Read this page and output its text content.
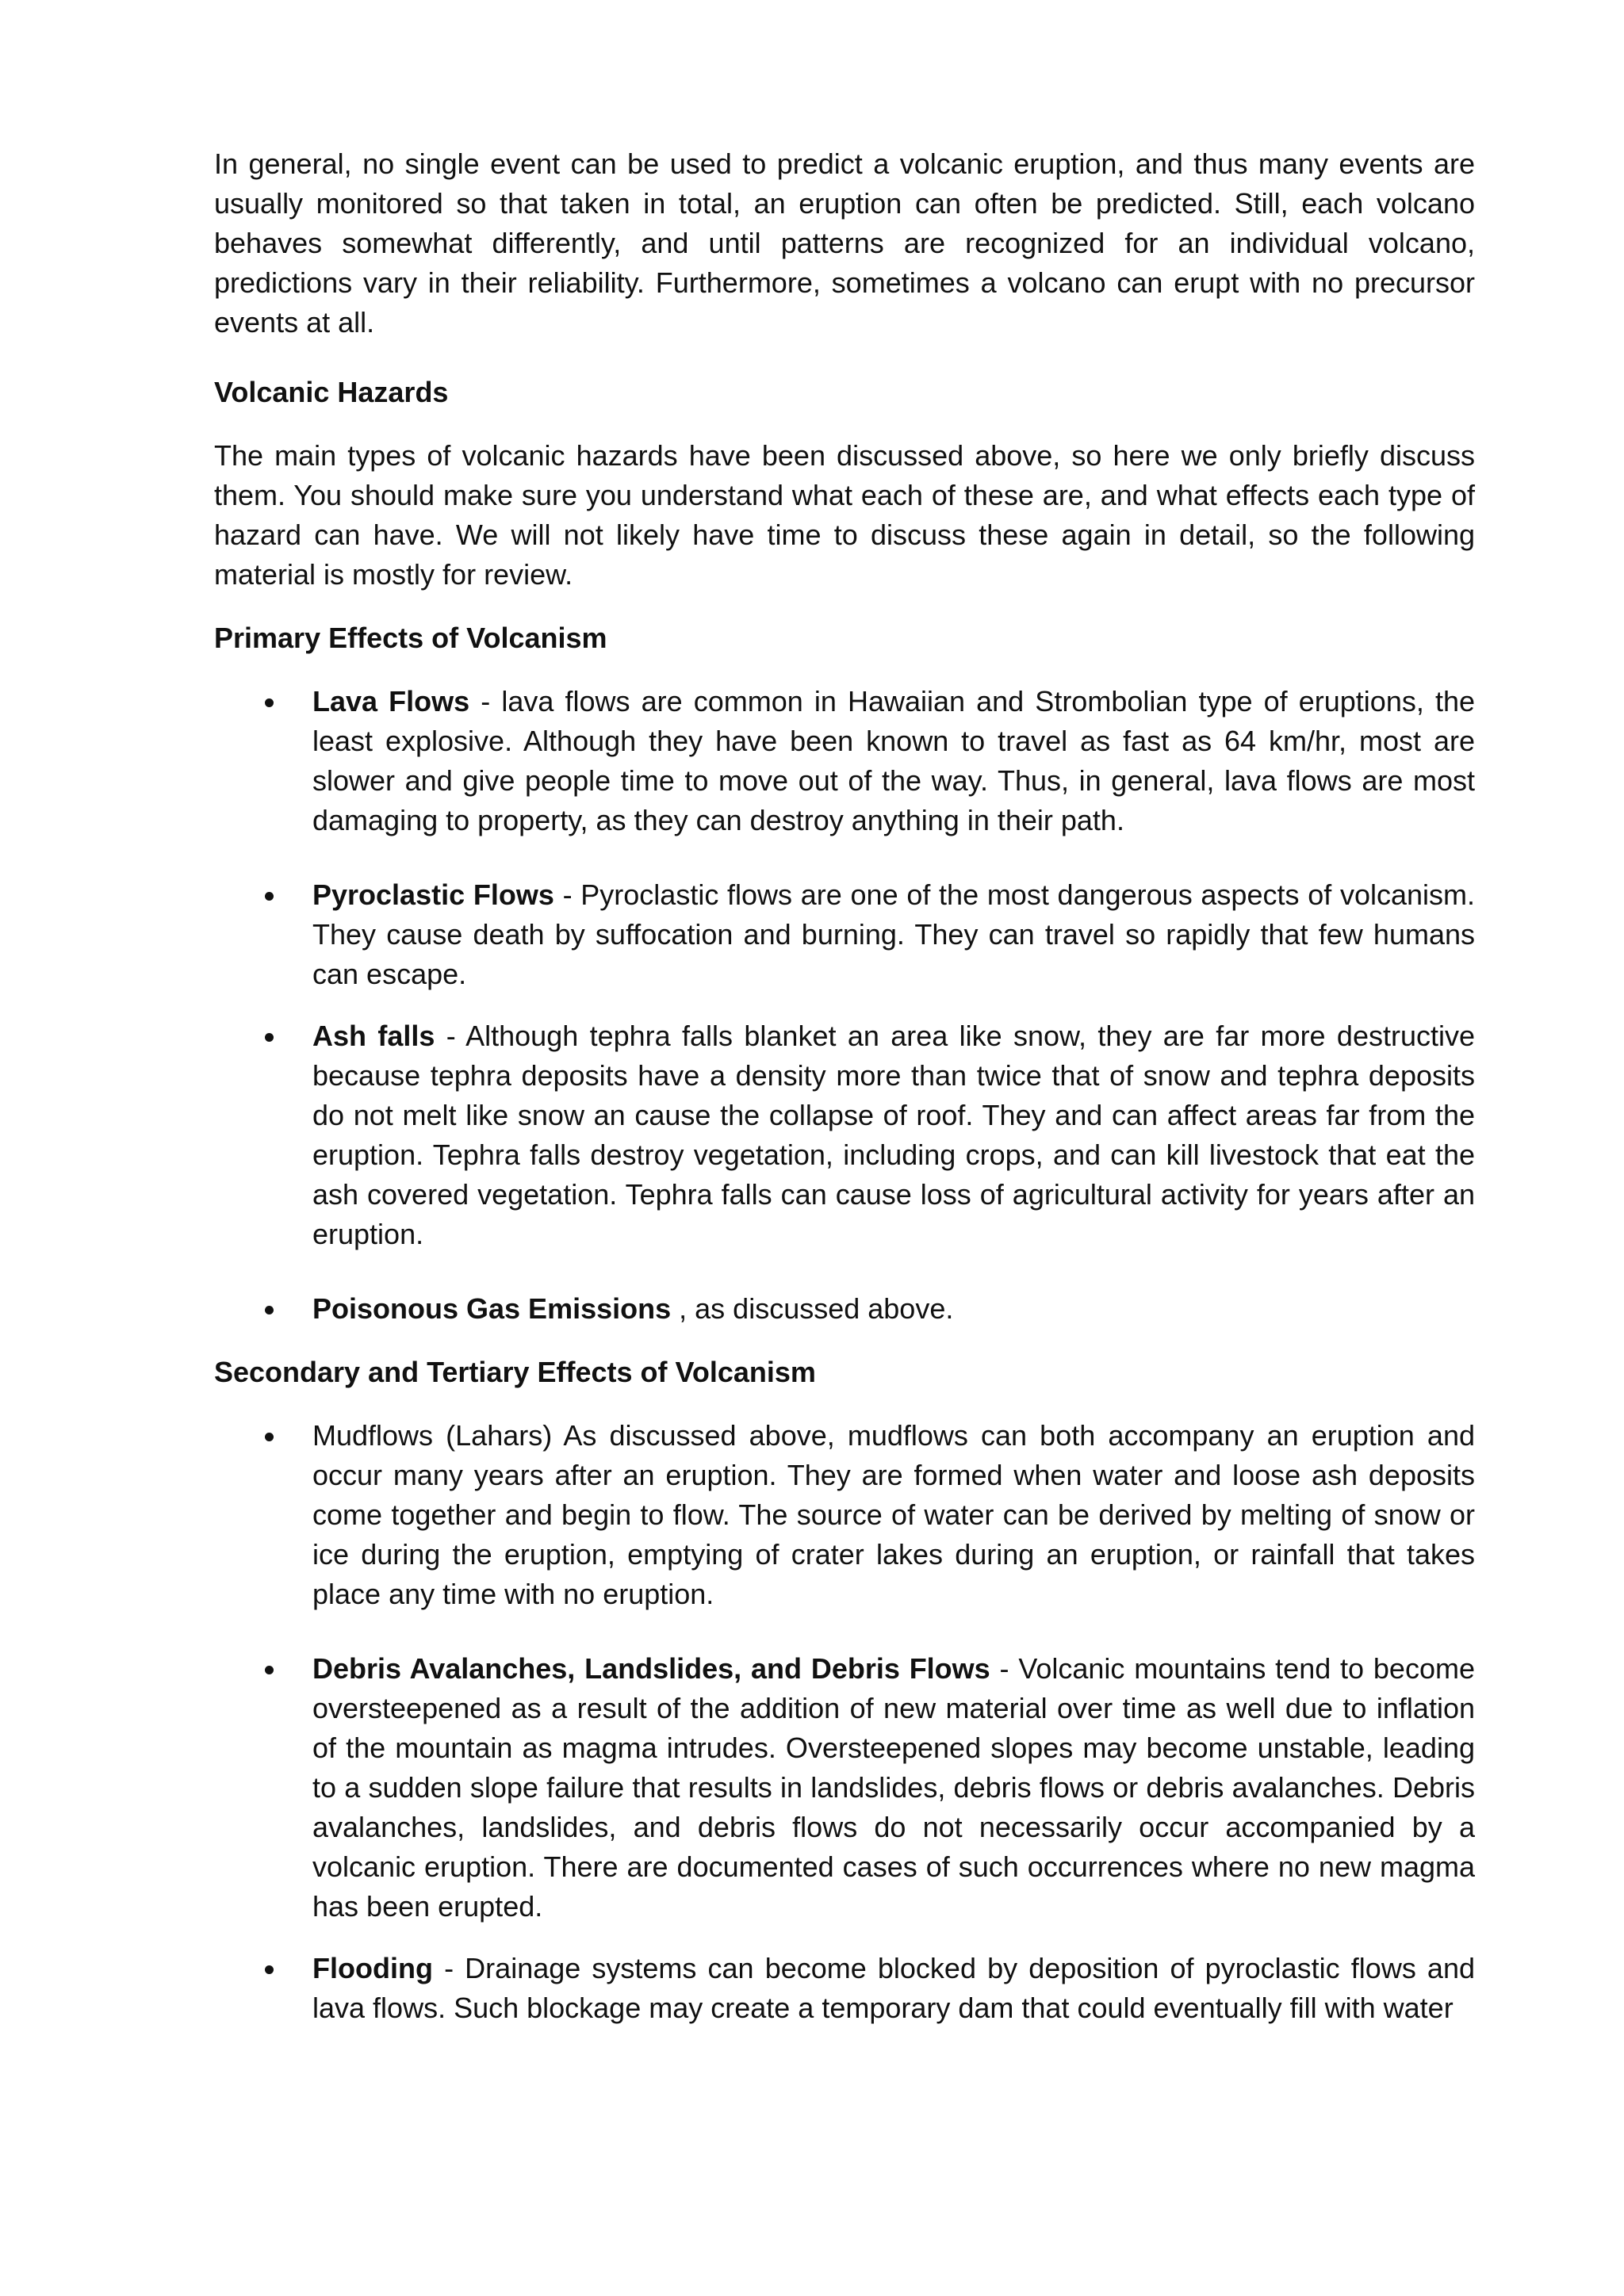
In general, no single event can be used to predict a volcanic eruption, and thus many events are usually monitored so that taken in total, an eruption can often be predicted. Still, each volcano behaves somewhat differently, and until patterns are recognized for an individual volcano, predictions vary in their reliability. Furthermore, sometimes a volcano can erupt with no precursor events at all.

Volcanic Hazards

The main types of volcanic hazards have been discussed above, so here we only briefly discuss them. You should make sure you understand what each of these are, and what effects each type of hazard can have. We will not likely have time to discuss these again in detail, so the following material is mostly for review.

Primary Effects of Volcanism
Lava Flows - lava flows are common in Hawaiian and Strombolian type of eruptions, the least explosive. Although they have been known to travel as fast as 64 km/hr, most are slower and give people time to move out of the way. Thus, in general, lava flows are most damaging to property, as they can destroy anything in their path.
Pyroclastic Flows - Pyroclastic flows are one of the most dangerous aspects of volcanism. They cause death by suffocation and burning. They can travel so rapidly that few humans can escape.
Ash falls - Although tephra falls blanket an area like snow, they are far more destructive because tephra deposits have a density more than twice that of snow and tephra deposits do not melt like snow an cause the collapse of roof. They and can affect areas far from the eruption. Tephra falls destroy vegetation, including crops, and can kill livestock that eat the ash covered vegetation. Tephra falls can cause loss of agricultural activity for years after an eruption.
Poisonous Gas Emissions , as discussed above.
Secondary and Tertiary Effects of Volcanism
Mudflows (Lahars) As discussed above, mudflows can both accompany an eruption and occur many years after an eruption. They are formed when water and loose ash deposits come together and begin to flow. The source of water can be derived by melting of snow or ice during the eruption, emptying of crater lakes during an eruption, or rainfall that takes place any time with no eruption.
Debris Avalanches, Landslides, and Debris Flows - Volcanic mountains tend to become oversteepened as a result of the addition of new material over time as well due to inflation of the mountain as magma intrudes. Oversteepened slopes may become unstable, leading to a sudden slope failure that results in landslides, debris flows or debris avalanches. Debris avalanches, landslides, and debris flows do not necessarily occur accompanied by a volcanic eruption. There are documented cases of such occurrences where no new magma has been erupted.
Flooding - Drainage systems can become blocked by deposition of pyroclastic flows and lava flows. Such blockage may create a temporary dam that could eventually fill with water
